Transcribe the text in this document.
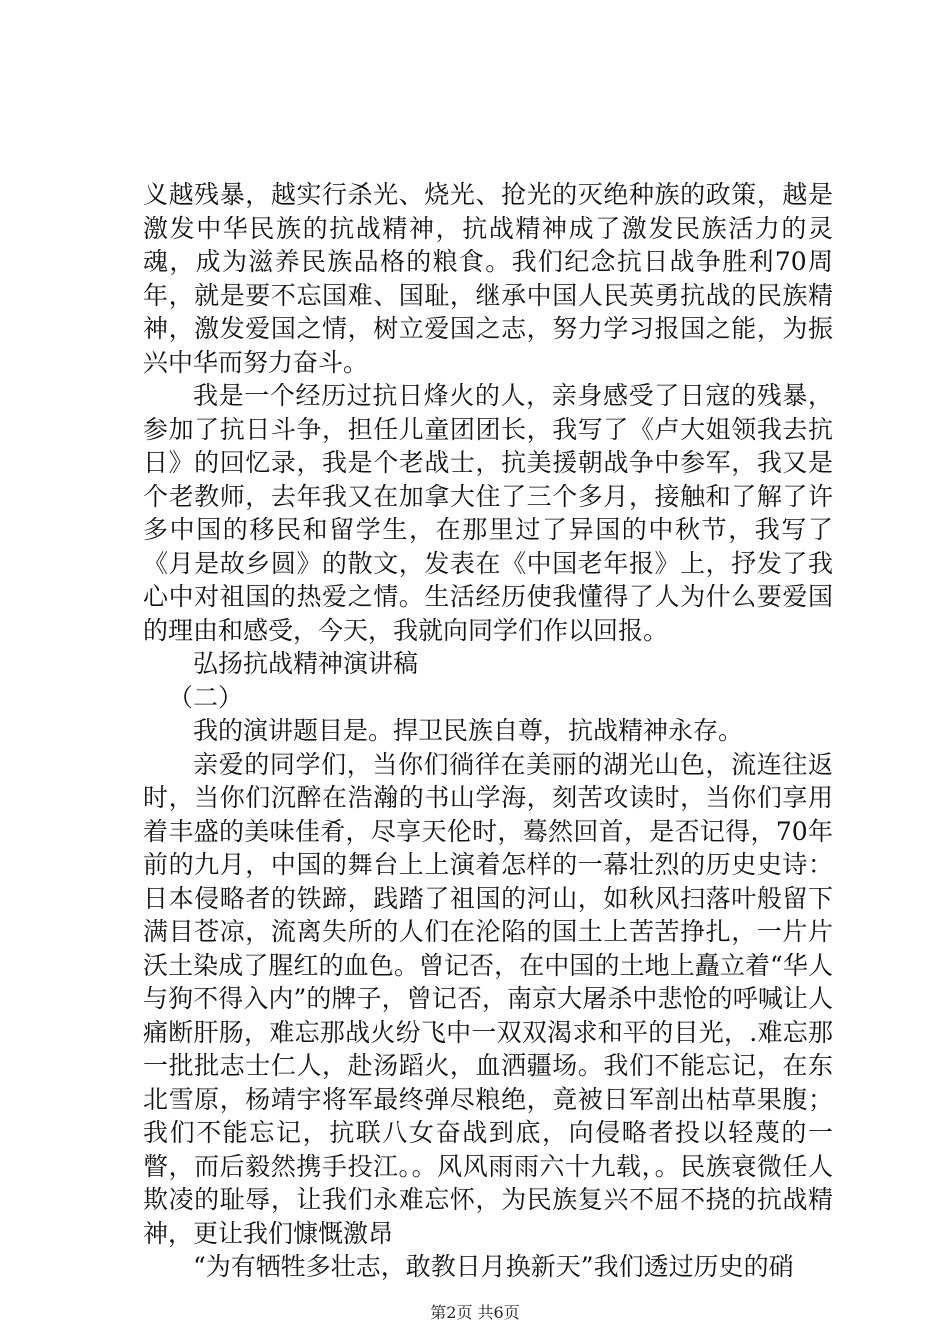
义越残暴，越实行杀光、烧光、抢光的灭绝种族的政策，越是激发中华民族的抗战精神，抗战精神成了激发民族活力的灵魂，成为滋养民族品格的粮食。我们纪念抗日战争胜利70周年，就是要不忘国难、国耻，继承中国人民英勇抗战的民族精神，激发爱国之情，树立爱国之志，努力学习报国之能，为振兴中华而努力奋斗。

我是一个经历过抗日烽火的人，亲身感受了日寇的残暴，参加了抗日斗争，担任儿童团团长，我写了《卢大姐领我去抗日》的回忆录，我是个老战士，抗美援朝战争中参军，我又是个老教师，去年我又在加拿大住了三个多月，接触和了解了许多中国的移民和留学生，在那里过了异国的中秋节，我写了《月是故乡圆》的散文，发表在《中国老年报》上，抒发了我心中对祖国的热爱之情。生活经历使我懂得了人为什么要爱国的理由和感受，今天，我就向同学们作以回报。

弘扬抗战精神演讲稿

（二）

我的演讲题目是。捍卫民族自尊，抗战精神永存。

亲爱的同学们，当你们徜徉在美丽的湖光山色，流连往返时，当你们沉醉在浩瀚的书山学海，刻苦攻读时，当你们享用着丰盛的美味佳肴，尽享天伦时，蓦然回首，是否记得，70年前的九月，中国的舞台上上演着怎样的一幕壮烈的历史史诗：日本侵略者的铁蹄，践踏了祖国的河山，如秋风扫落叶般留下满目苍凉，流离失所的人们在沦陷的国土上苦苦挣扎，一片片沃土染成了腥红的血色。曾记否，在中国的土地上矗立着“华人与狗不得入内”的牌子，曾记否，南京大屠杀中悲怆的呼喊让人痛断肝肠，难忘那战火纷飞中一双双渴求和平的目光，.难忘那一批批志士仁人，赴汤蹈火，血洒疆场。我们不能忘记，在东北雪原，杨靖宇将军最终弹尽粮绝，竟被日军剖出枯草果腹；我们不能忘记，抗联八女奋战到底，向侵略者投以轻蔑的一瞥，而后毅然携手投江。。风风雨雨六十九载，。民族衰微任人欺凌的耻辱，让我们永难忘怀，为民族复兴不屈不挠的抗战精神，更让我们慷慨激昂

“为有牺牲多壮志，敢教日月换新天”我们透过历史的硝

第2页 共6页
